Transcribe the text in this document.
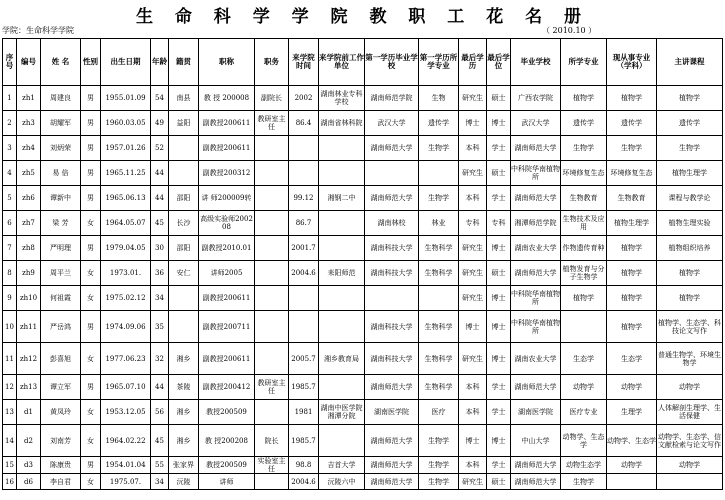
生 命 科 学 学 院 教 职 工 花 名 册
学院：生命科学学院	（ 2010.10 ）
序号	编号	姓 名	性别	出生日期	年龄	籍贯	职称	职务	来学院时间	来学院前工作单位	第一学历毕业学校	第一学历所学专业	最后学历	最后学位	毕业学校	所学专业	现从事专业（学科）	主讲课程
1	zh1	周建良	男	1955.01.09	54	南县	教 授 200008	副院长	2002	湖南林业专科学校	湖南师范学院	生物	研究生	硕士	广西农学院	植物学	植物学	植物学
2	zh3	胡耀军	男	1960.03.05	49	益阳	副教授200611	教研室主任	86.4	湖南省林科院	武汉大学	遗传学	博士	博士	武汉大学	遗传学	遗传学	遗传学
3	zh4	刘炳荣	男	1957.01.26	52		副教授200611				湖南师范大学	生物学	本科	学士	湖南师范大学	生物学	生物学	生物学
4	zh5	易 倍	男	1965.11.25	44		副教授200312						研究生	硕士	中科院华南植物所	环境修复生态	环境修复生态	植物生理学
5	zh6	谭新中	男	1965.06.13	44	邵阳	讲 师200009转		99.12	湘钢二中	湖南师范大学	生物学	本科	学士	湖南师范大学	生物教育	生物教育	课程与教学论
6	zh7	梁 芳	女	1964.05.07	45	长沙	高级实验师200208		86.7		湖南林校	林业	专科	专科	湘潭师范学院	生物技术及应用	植物生理学	植物生理实验
7	zh8	严明理	男	1979.04.05	30	邵阳	副教授2010.01		2001.7		湖南科技大学	生物科学	研究生	博士	湖南农业大学	作物遗传育种	植物学	植物组织培养
8	zh9	周平兰	女	1973.01.	36	安仁	讲师2005		2004.6	耒阳师范	湖南科技大学	生物科学	研究生	硕士	湖南师范大学	植物发育与分子生物学	植物学	植物学
9	zh10	何祖霞	女	1975.02.12	34		副教授200611						研究生	博士	中科院华南植物所	植物学	植物学	植物学
10	zh11	严岳鸿	男	1974.09.06	35		副教授200711				湖南科技大学	生物科学	博士	博士	中科院华南植物所		植物学	植物学、生态学、科技论文写作
11	zh12	彭喜旭	女	1977.06.23	32	湘乡	副教授200611		2005.7	湘乡教育局	湖南科技大学	生物科学	研究生	博士	湖南农业大学	生态学	生态学	普通生物学、环境生物学
12	zh13	谭立军	男	1965.07.10	44	茶陵	副教授200412	教研室主任	1985.7		湖南师范大学	生物科学	本科	学士	湖南师范大学	动物学	动物学	动物学
13	d1	黄凤玲	女	1953.12.05	56	湘乡	教授200509		1981	湖南中医学院湘潭分院	湖南医学院	医疗	本科	学士	湖南医学院	医疗专业	生理学	人体解剖生理学、生活保健
14	d2	刘南芳	女	1964.02.22	45	湘乡	教 授200208	院长	1985.7		湖南师范大学	生物学	博士	博士	中山大学	动物学、生态学	动物学、生态学	动物学、生态学、信文献检索与论文写作
15	d3	陈康贵	男	1954.01.04	55	张家界	教授200509	实验室主任	98.8	吉首大学	湖南师范大学	生物学	本科	学士	湖南师范大学	动物生态学	动物学	动物学
16	d6	李自君	女	1975.07.	34	沅陵	讲师		2004.6	沅陵六中	湖南师范大学	生物学	研究生	硕士	湖南师范大学	生物学		
